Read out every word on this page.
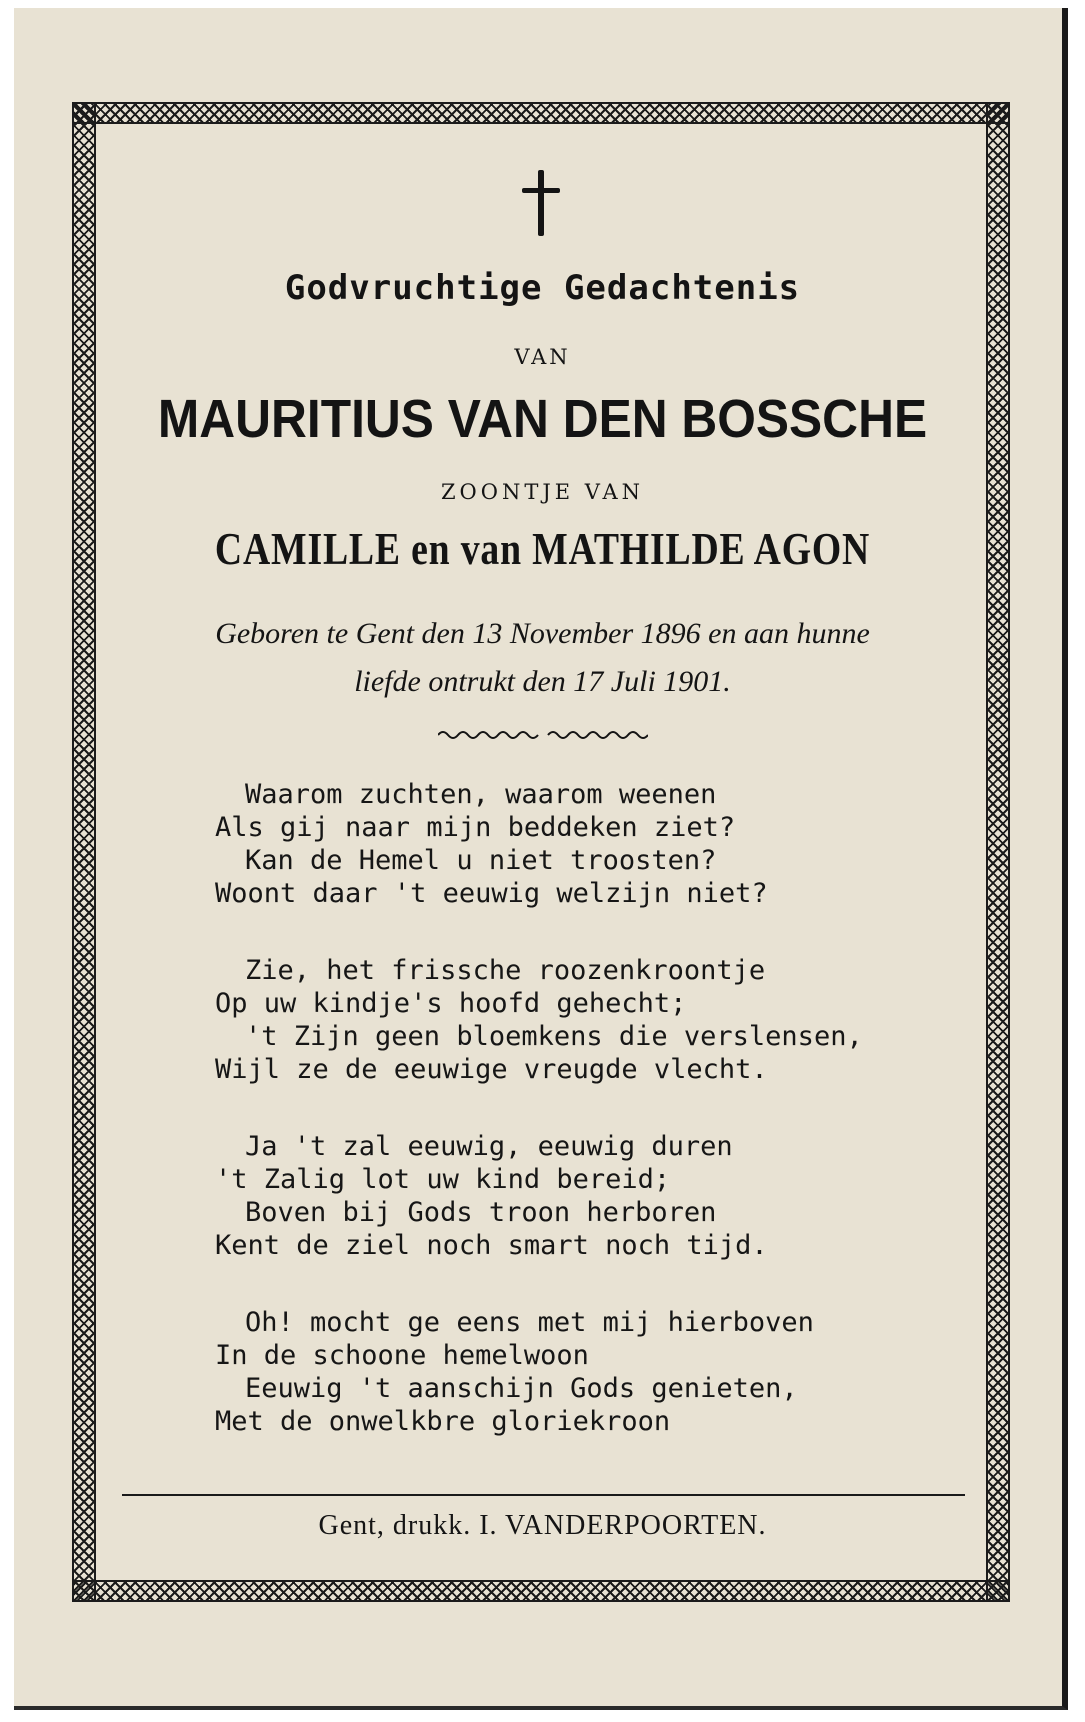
Godvruchtige Gedachtenis
VAN
MAURITIUS VAN DEN BOSSCHE
ZOONTJE VAN
CAMILLE en van MATHILDE AGON
Geboren te Gent den 13 November 1896 en aan hunne
liefde ontrukt den 17 Juli 1901.
Waarom zuchten, waarom weenen
Als gij naar mijn beddeken ziet?
Kan de Hemel u niet troosten?
Woont daar 't eeuwig welzijn niet?
Zie, het frissche roozenkroontje
Op uw kindje's hoofd gehecht;
't Zijn geen bloemkens die verslensen,
Wijl ze de eeuwige vreugde vlecht.
Ja 't zal eeuwig, eeuwig duren
't Zalig lot uw kind bereid;
Boven bij Gods troon herboren
Kent de ziel noch smart noch tijd.
Oh! mocht ge eens met mij hierboven
In de schoone hemelwoon
Eeuwig 't aanschijn Gods genieten,
Met de onwelkbre gloriekroon
Gent, drukk. I. VANDERPOORTEN.
